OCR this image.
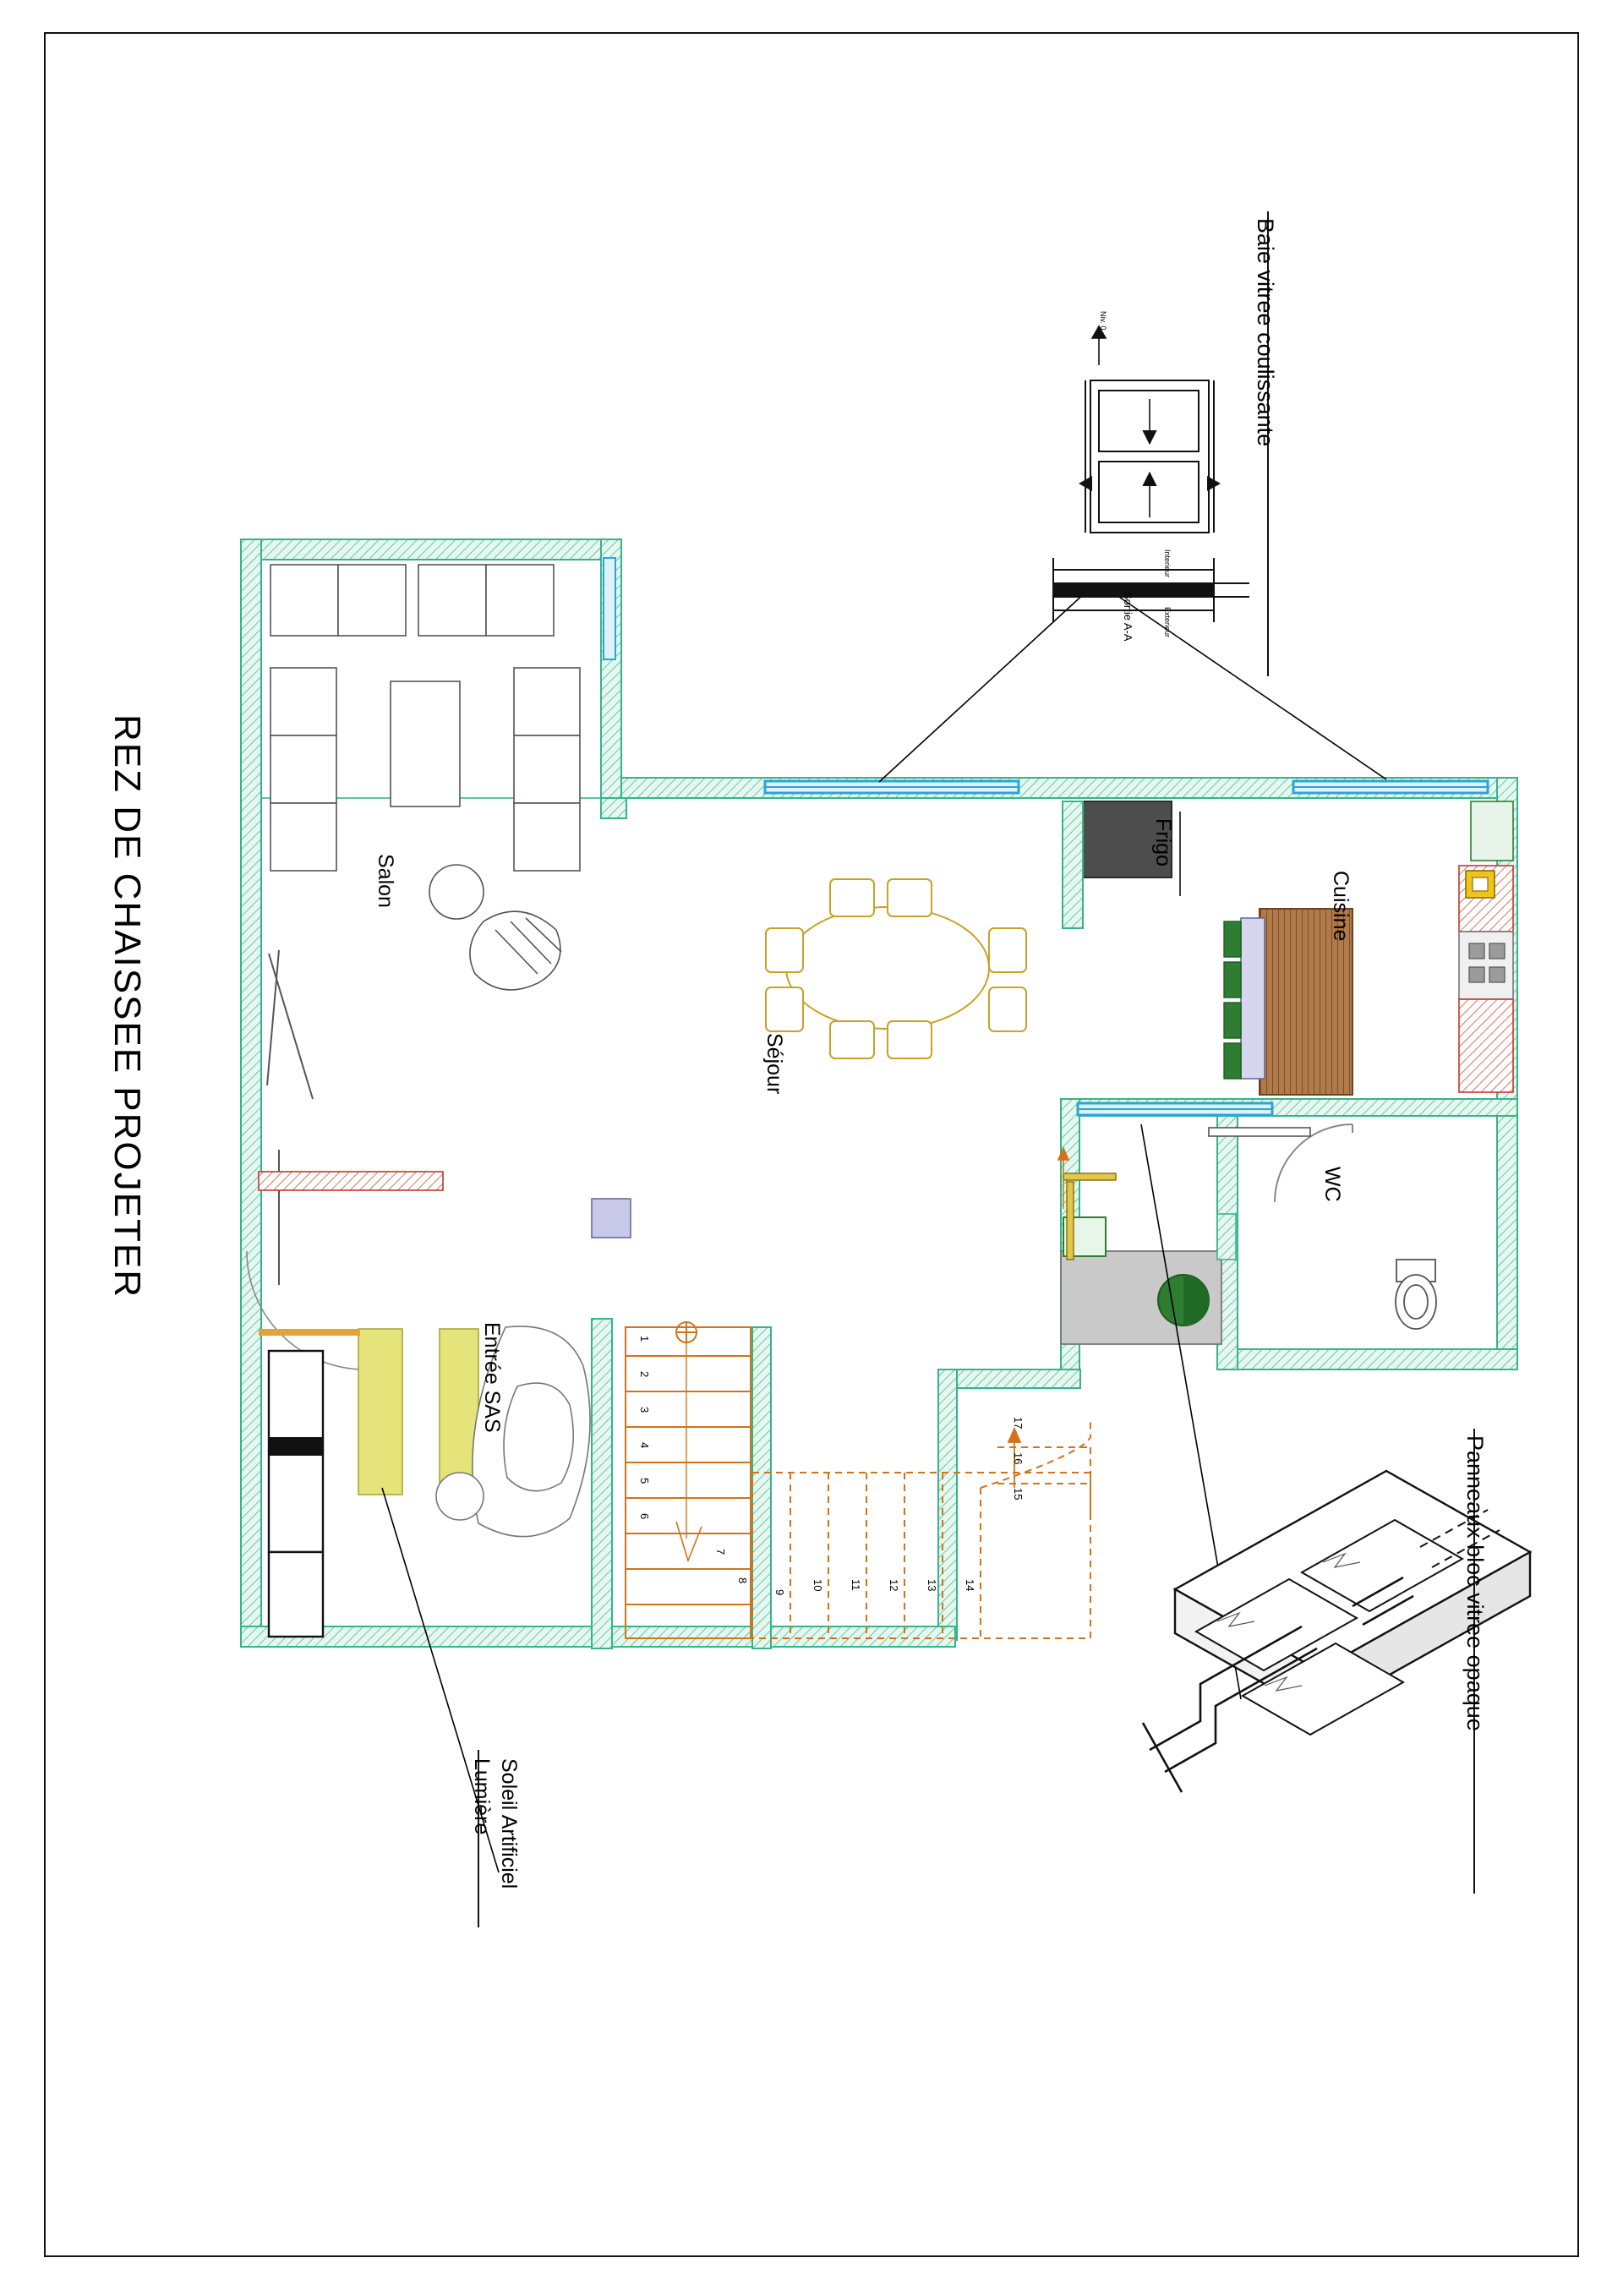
REZ DE CHAISSEE PROJETER	Salon
Séjour
Cuisine
WC
Entrée SAS
Frigo
Baie vitree coulissante
Panneaux bloc vitree opaque
Lumière Soleil Artificiel
Niv. 0
Interieur
Exterieur
Sortie A-A
1
2
3
4
5
6
7
8
9
10 11 12 13 14
15
16
17
